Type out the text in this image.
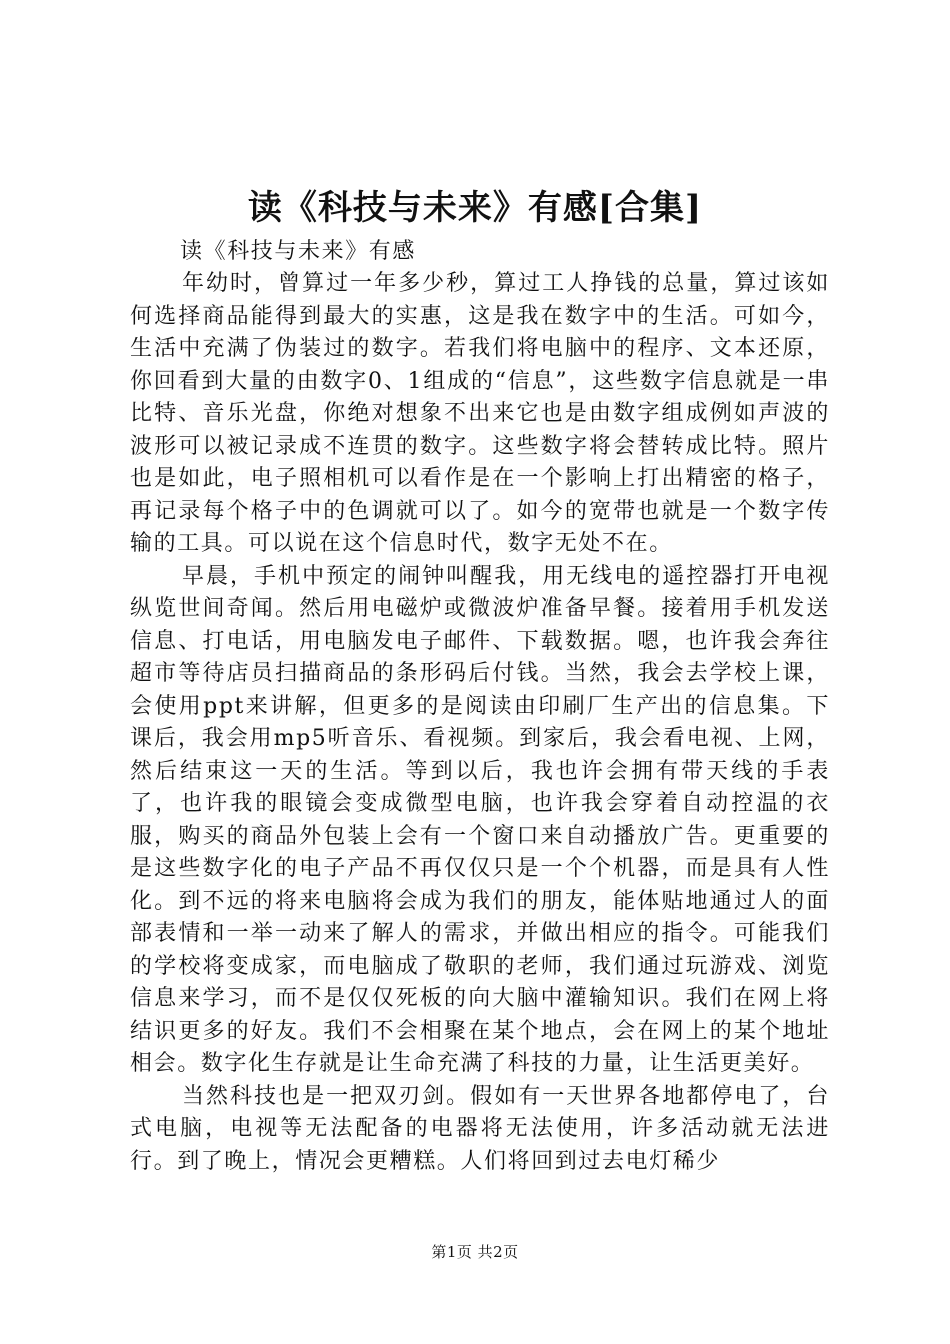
读《科技与未来》有感[合集]

读《科技与未来》有感

年幼时，曾算过一年多少秒，算过工人挣钱的总量，算过该如何选择商品能得到最大的实惠，这是我在数字中的生活。可如今，生活中充满了伪装过的数字。若我们将电脑中的程序、文本还原，你回看到大量的由数字0、1组成的“信息”，这些数字信息就是一串比特、音乐光盘，你绝对想象不出来它也是由数字组成例如声波的波形可以被记录成不连贯的数字。这些数字将会替转成比特。照片也是如此，电子照相机可以看作是在一个影响上打出精密的格子，再记录每个格子中的色调就可以了。如今的宽带也就是一个数字传输的工具。可以说在这个信息时代，数字无处不在。

早晨，手机中预定的闹钟叫醒我，用无线电的遥控器打开电视纵览世间奇闻。然后用电磁炉或微波炉准备早餐。接着用手机发送信息、打电话，用电脑发电子邮件、下载数据。嗯，也许我会奔往超市等待店员扫描商品的条形码后付钱。当然，我会去学校上课，会使用ppt来讲解，但更多的是阅读由印刷厂生产出的信息集。下课后，我会用mp5听音乐、看视频。到家后，我会看电视、上网，然后结束这一天的生活。等到以后，我也许会拥有带天线的手表了，也许我的眼镜会变成微型电脑，也许我会穿着自动控温的衣服，购买的商品外包装上会有一个窗口来自动播放广告。更重要的是这些数字化的电子产品不再仅仅只是一个个机器，而是具有人性化。到不远的将来电脑将会成为我们的朋友，能体贴地通过人的面部表情和一举一动来了解人的需求，并做出相应的指令。可能我们的学校将变成家，而电脑成了敬职的老师，我们通过玩游戏、浏览信息来学习，而不是仅仅死板的向大脑中灌输知识。我们在网上将结识更多的好友。我们不会相聚在某个地点，会在网上的某个地址相会。数字化生存就是让生命充满了科技的力量，让生活更美好。

当然科技也是一把双刃剑。假如有一天世界各地都停电了，台式电脑，电视等无法配备的电器将无法使用，许多活动就无法进行。到了晚上，情况会更糟糕。人们将回到过去电灯稀少

第1页 共2页
